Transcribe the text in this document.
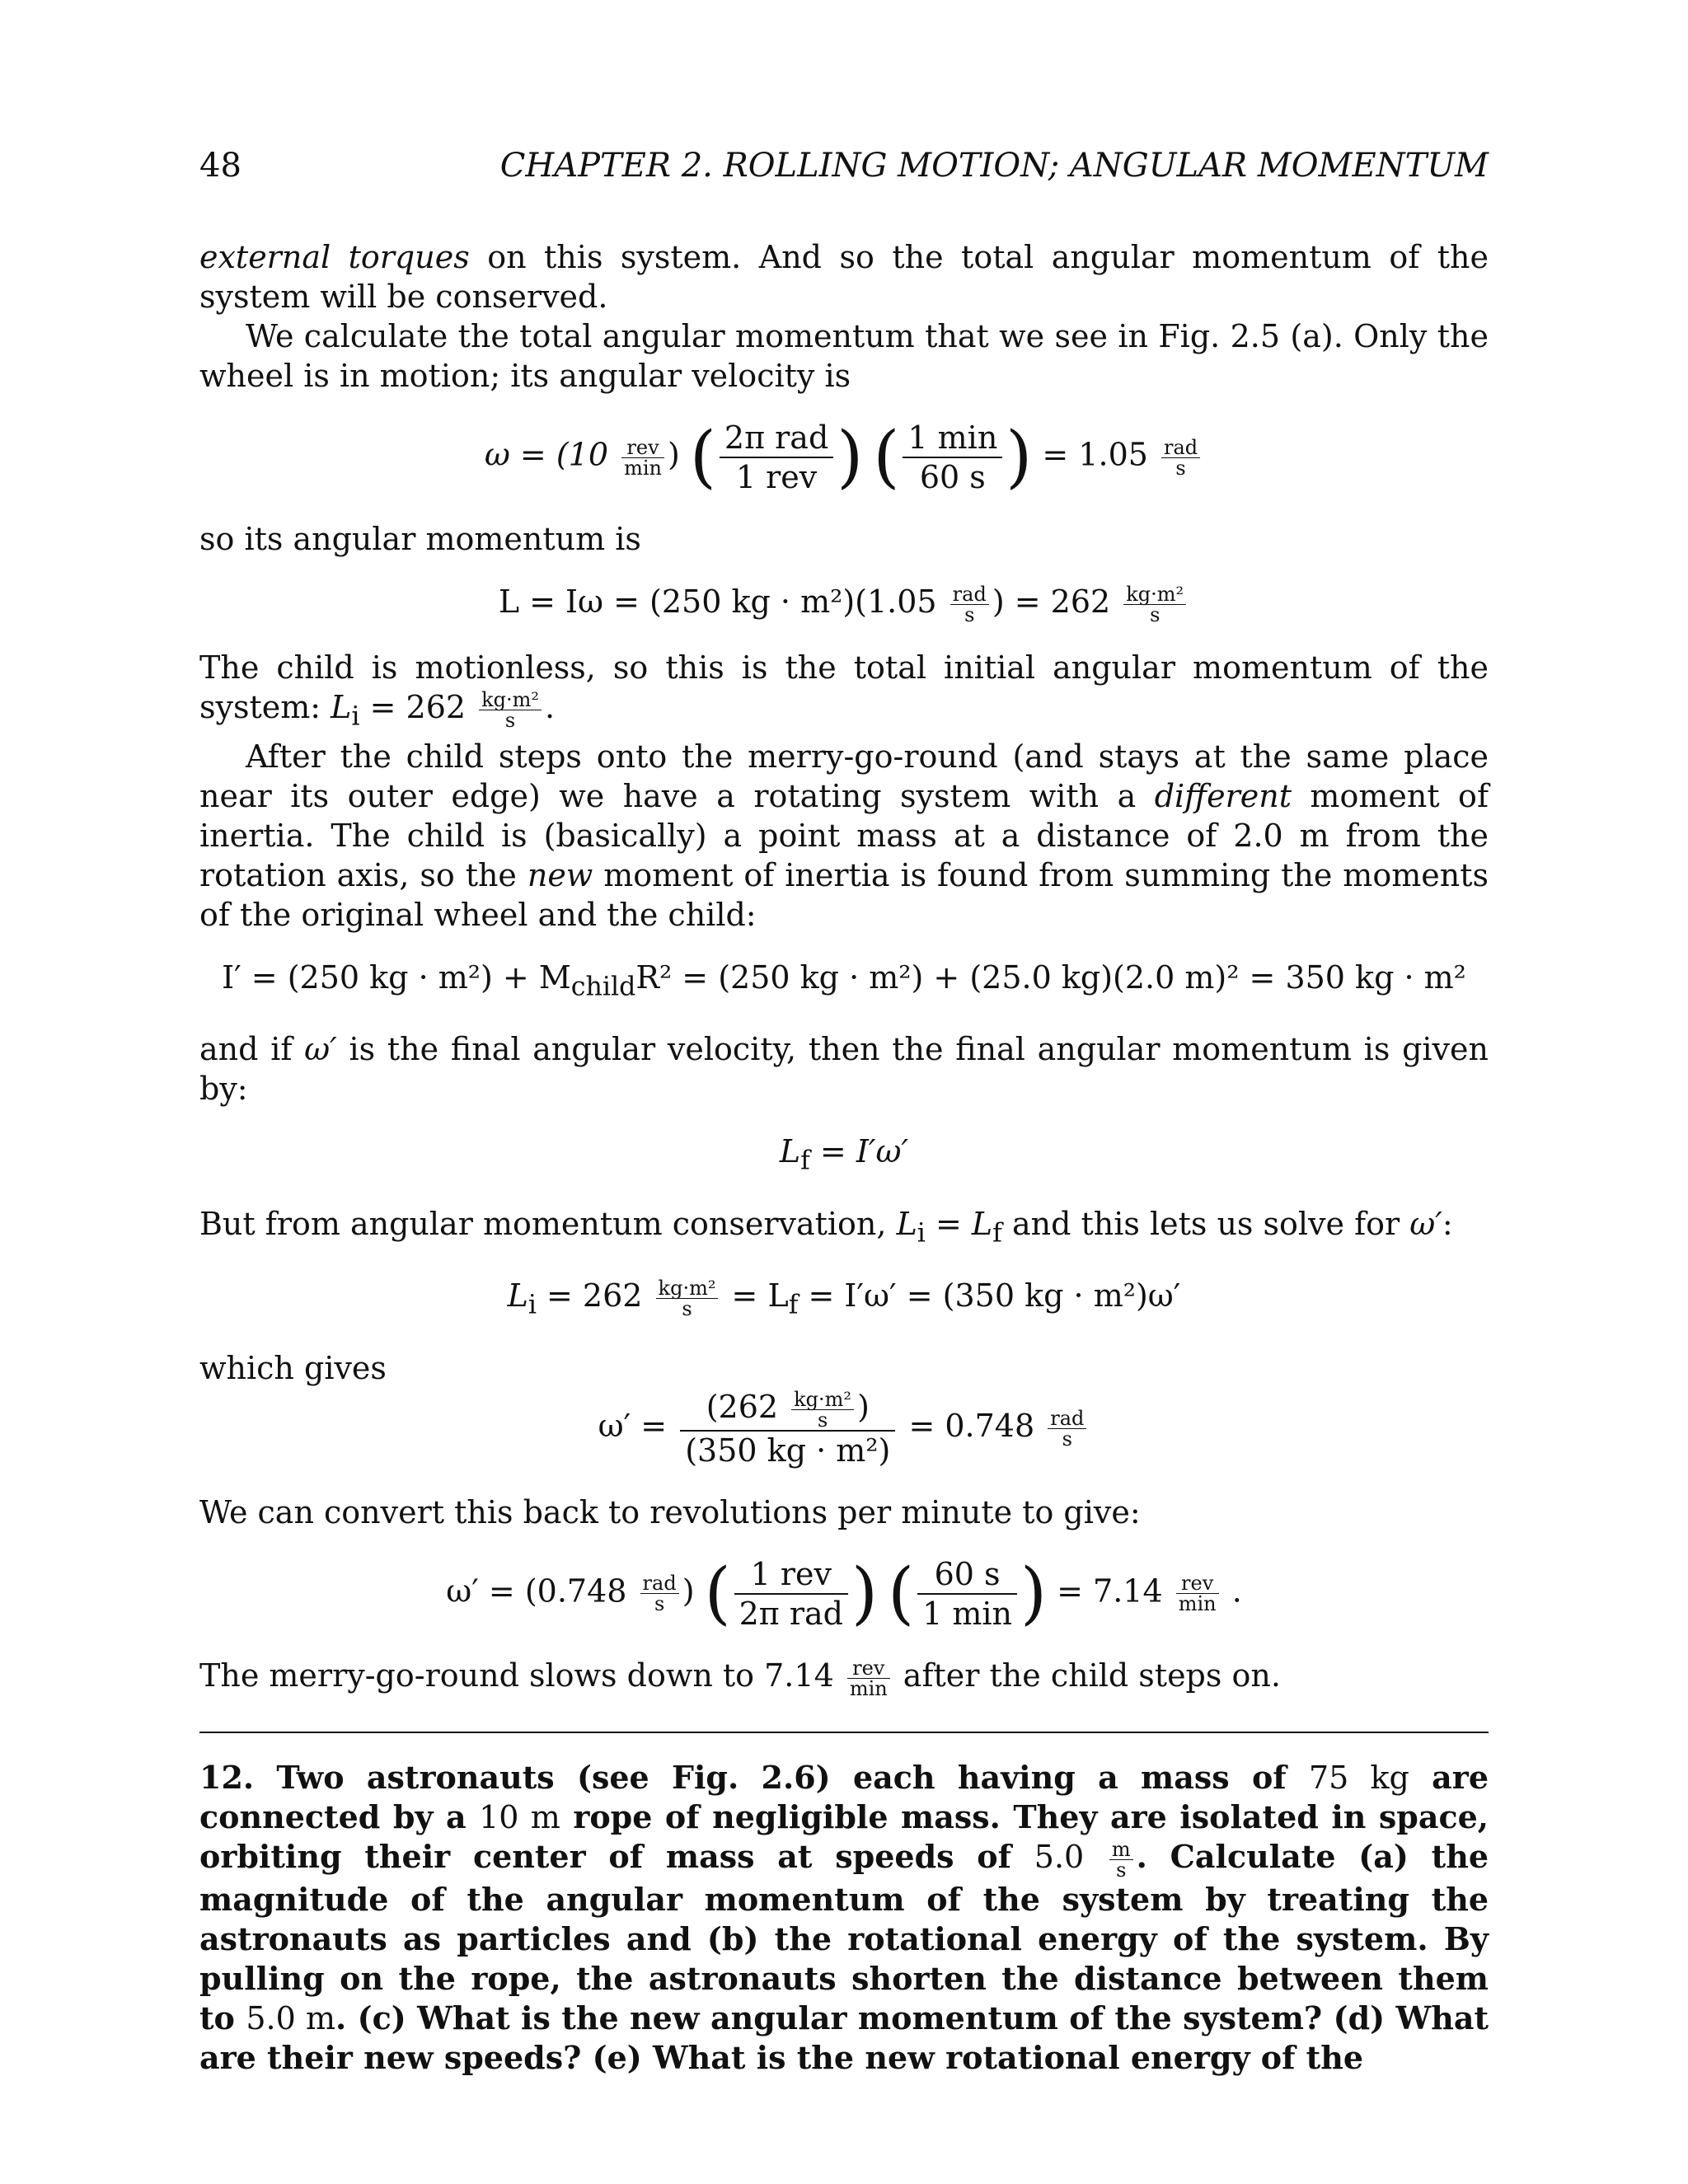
48	CHAPTER 2. ROLLING MOTION; ANGULAR MOMENTUM

external torques on this system. And so the total angular momentum of the system will be conserved.

We calculate the total angular momentum that we see in Fig. 2.5 (a). Only the wheel is in motion; its angular velocity is

ω = (10 rev
min ) ( 2π rad
1 rev ) ( 1 min
60 s ) = 1.05 rad
s

so its angular momentum is

L = Iω = (250 kg · m²)(1.05 rad
s ) = $262 \frac{\text{kg·m²}}{s}$

The child is motionless, so this is the total initial angular momentum of the system: $L_i = 262 \frac{\text{kg·m²}}{s}$ .

After the child steps onto the merry-go-round (and stays at the same place near its outer edge) we have a rotating system with a different moment of inertia. The child is (basically) a point mass at a distance of 2.0 m from the rotation axis, so the new moment of inertia is found from summing the moments of the original wheel and the child:

I′ = (250 kg · $m^2) + M_{child}R^2 = (250$ kg · m²) + (25.0 kg)(2.0 m)² = 350 kg · m²

and if ω′ is the final angular velocity, then the final angular momentum is given by:

$L_f = I'\omega'$

But from angular momentum conservation, $L_i = L_f$ and this lets us solve for ω′:

$L_i = 262 \frac{\text{kg·m²}}{s} = L_f = I'\omega' = (350$ kg · m²)ω′

which gives

$\omega' = \frac{(262 \frac{\text{kg·m²}}{s} )}{\text{(350 kg · m²)}} = 0.748$ rad
s

We can convert this back to revolutions per minute to give:

ω′ = (0.748 rad
s ) ( 1 rev
2π rad ) ( 60 s
1 min ) = 7.14 rev
min .

The merry-go-round slows down to 7.14 rev
min after the child steps on.

12. Two astronauts (see Fig. 2.6) each having a mass of 75 kg are connected by a 10 m rope of negligible mass. They are isolated in space, orbiting their center of mass at speeds of $5.0 \frac{m}{s}$ . Calculate (a) the magnitude of the angular momentum of the system by treating the astronauts as particles and (b) the rotational energy of the system. By pulling on the rope, the astronauts shorten the distance between them to 5.0 m. (c) What is the new angular momentum of the system? (d) What are their new speeds? (e) What is the new rotational energy of the
